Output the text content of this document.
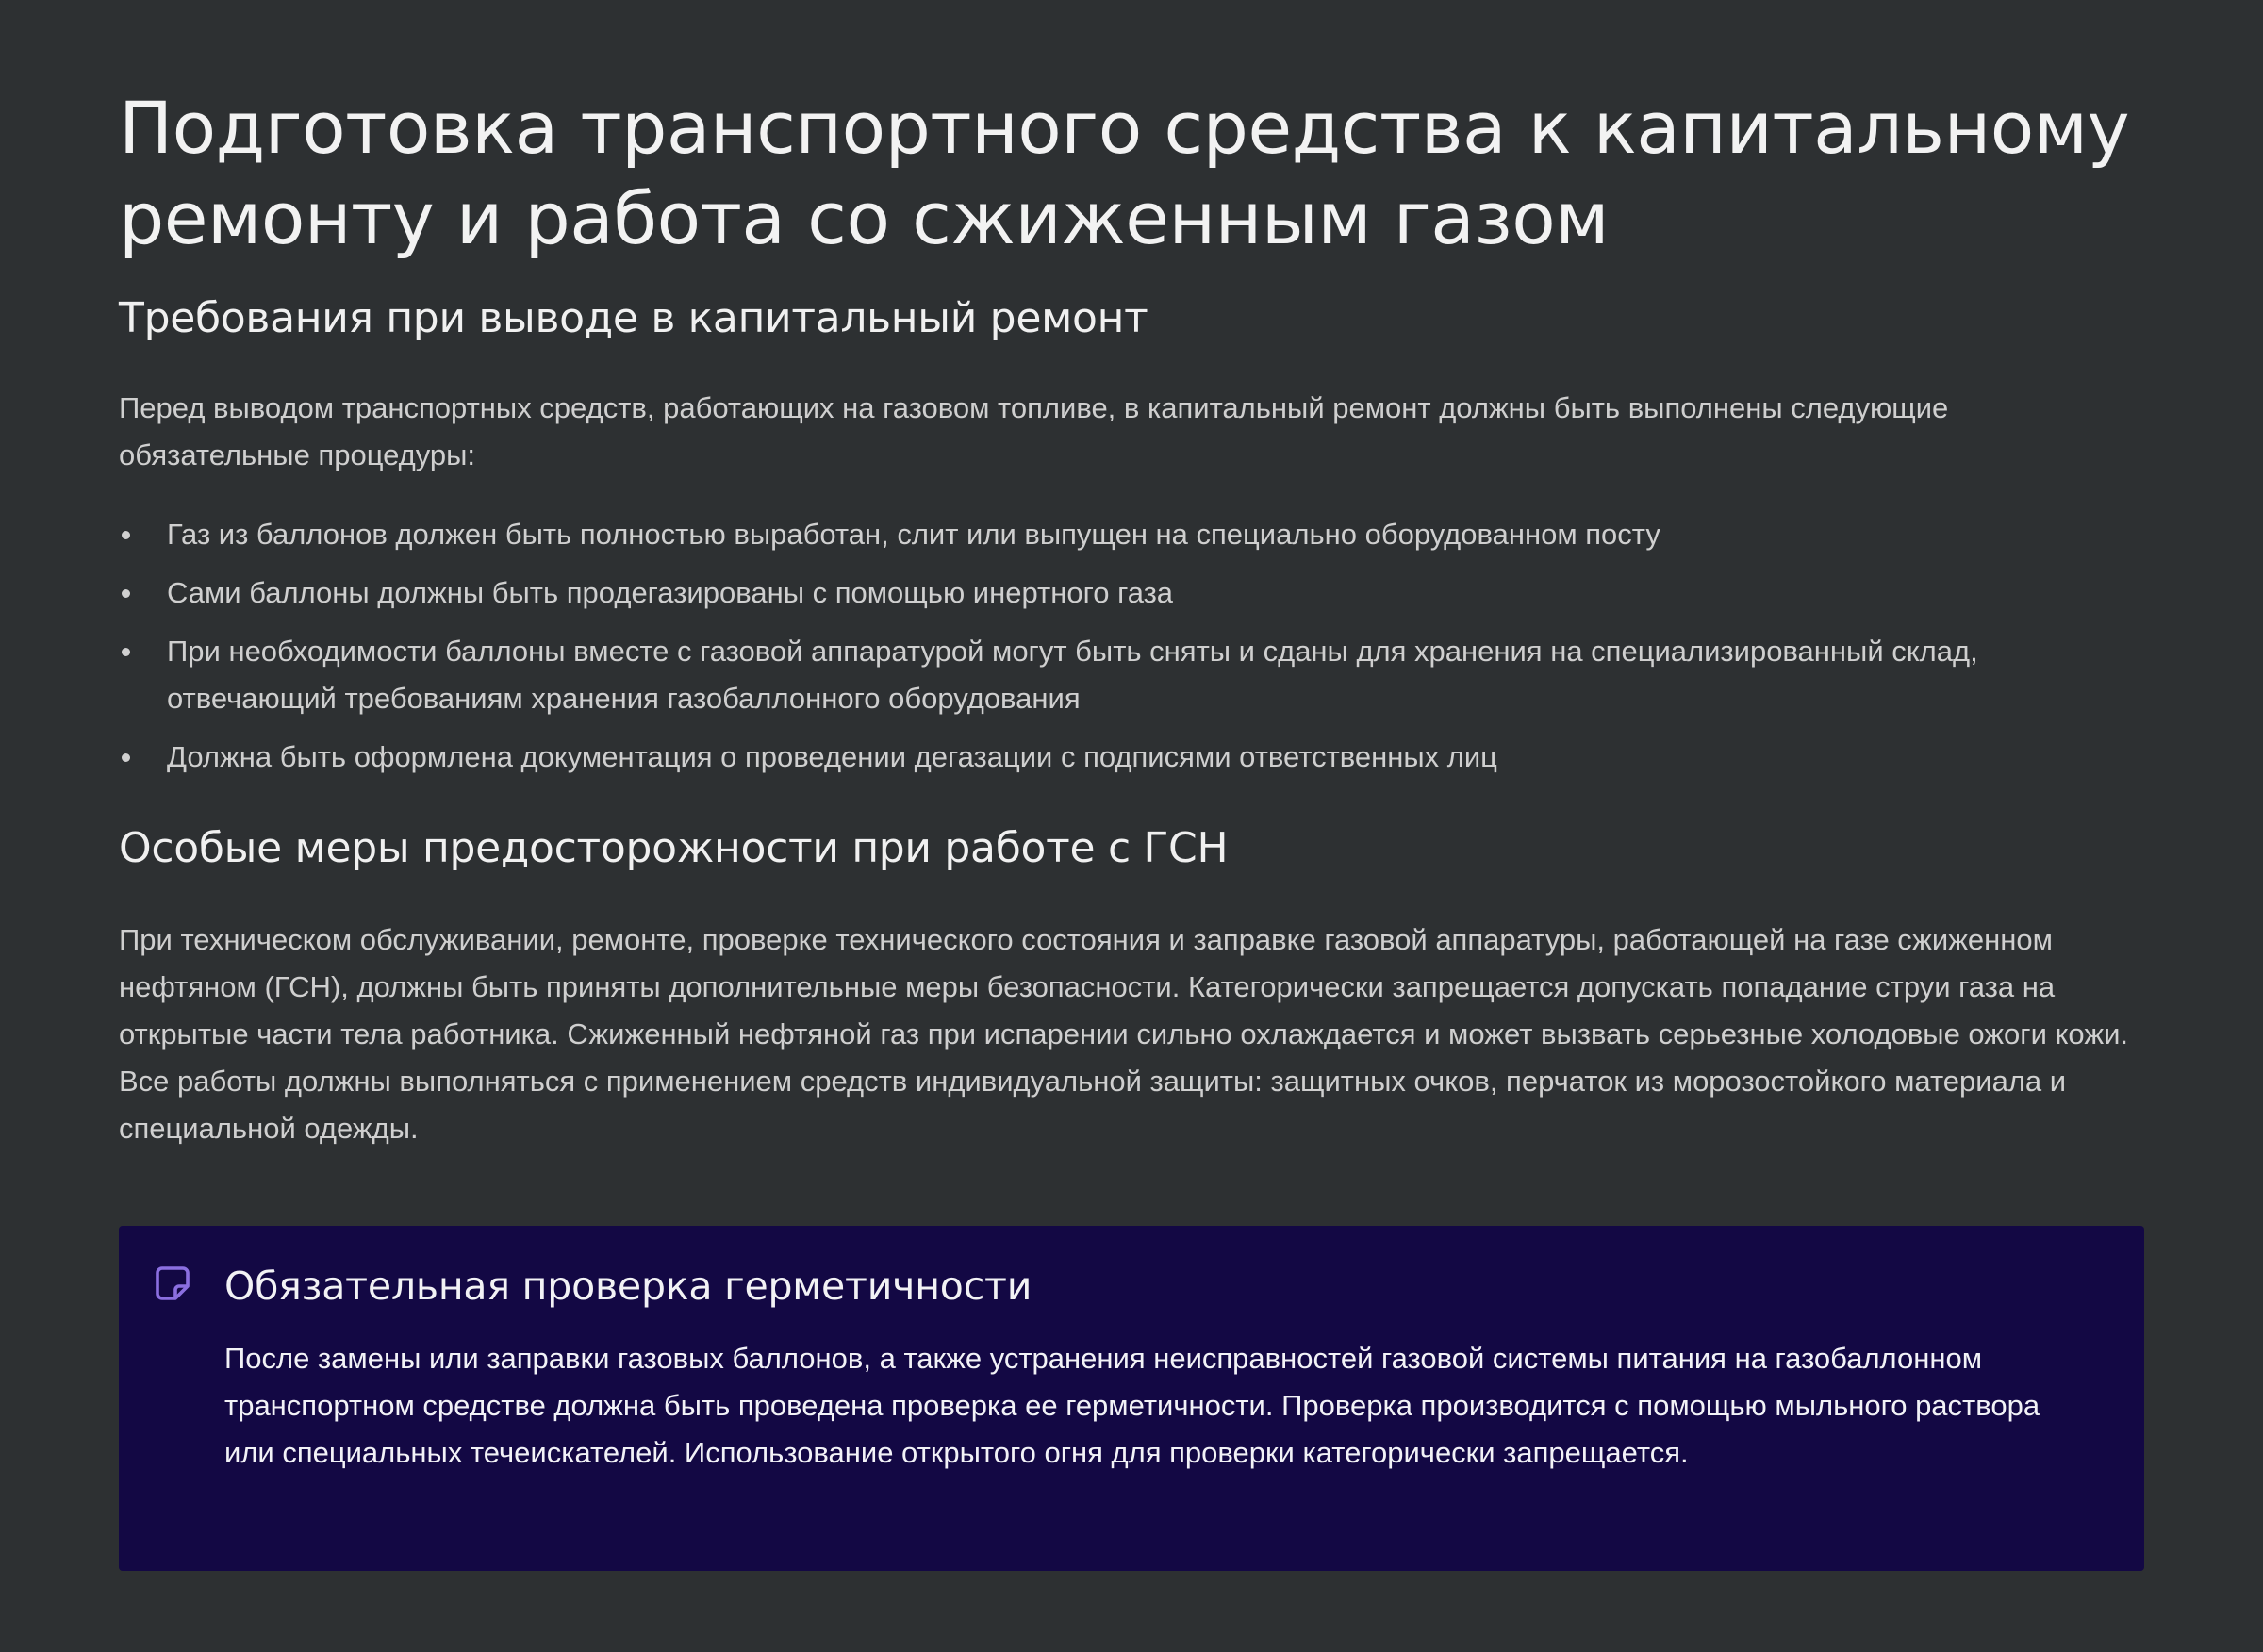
Подготовка транспортного средства к капитальному ремонту и работа со сжиженным газом
Требования при выводе в капитальный ремонт

Перед выводом транспортных средств, работающих на газовом топливе, в капитальный ремонт должны быть выполнены следующие обязательные процедуры:

Газ из баллонов должен быть полностью выработан, слит или выпущен на специально оборудованном посту
Сами баллоны должны быть продегазированы с помощью инертного газа
При необходимости баллоны вместе с газовой аппаратурой могут быть сняты и сданы для хранения на специализированный склад, отвечающий требованиям хранения газобаллонного оборудования
Должна быть оформлена документация о проведении дегазации с подписями ответственных лиц
Особые меры предосторожности при работе с ГСН

При техническом обслуживании, ремонте, проверке технического состояния и заправке газовой аппаратуры, работающей на газе сжиженном нефтяном (ГСН), должны быть приняты дополнительные меры безопасности. Категорически запрещается допускать попадание струи газа на открытые части тела работника. Сжиженный нефтяной газ при испарении сильно охлаждается и может вызвать серьезные холодовые ожоги кожи. Все работы должны выполняться с применением средств индивидуальной защиты: защитных очков, перчаток из морозостойкого материала и специальной одежды.

Обязательная проверка герметичности

После замены или заправки газовых баллонов, а также устранения неисправностей газовой системы питания на газобаллонном транспортном средстве должна быть проведена проверка ее герметичности. Проверка производится с помощью мыльного раствора или специальных течеискателей. Использование открытого огня для проверки категорически запрещается.
